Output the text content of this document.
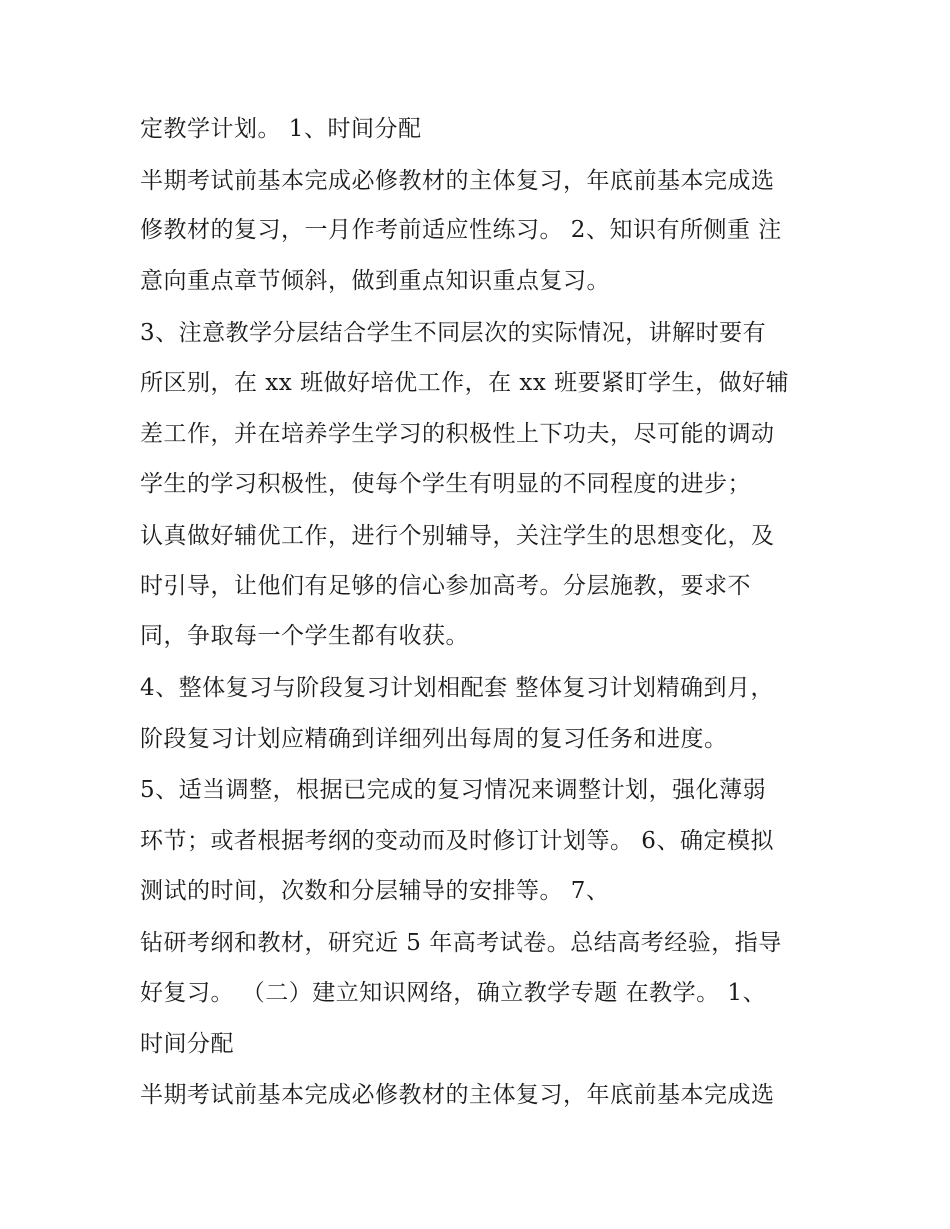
定教学计划。 1、时间分配
半期考试前基本完成必修教材的主体复习，年底前基本完成选
修教材的复习，一月作考前适应性练习。 2、知识有所侧重 注
意向重点章节倾斜，做到重点知识重点复习。
3、注意教学分层结合学生不同层次的实际情况，讲解时要有
所区别，在 xx 班做好培优工作，在 xx 班要紧盯学生，做好辅
差工作，并在培养学生学习的积极性上下功夫，尽可能的调动
学生的学习积极性，使每个学生有明显的不同程度的进步；
认真做好辅优工作，进行个别辅导，关注学生的思想变化，及
时引导，让他们有足够的信心参加高考。分层施教，要求不
同，争取每一个学生都有收获。
4、整体复习与阶段复习计划相配套 整体复习计划精确到月，
阶段复习计划应精确到详细列出每周的复习任务和进度。
5、适当调整，根据已完成的复习情况来调整计划，强化薄弱
环节；或者根据考纲的变动而及时修订计划等。 6、确定模拟
测试的时间，次数和分层辅导的安排等。 7、
钻研考纲和教材，研究近 5 年高考试卷。总结高考经验，指导
好复习。 （二）建立知识网络，确立教学专题 在教学。 1、
时间分配
半期考试前基本完成必修教材的主体复习，年底前基本完成选
